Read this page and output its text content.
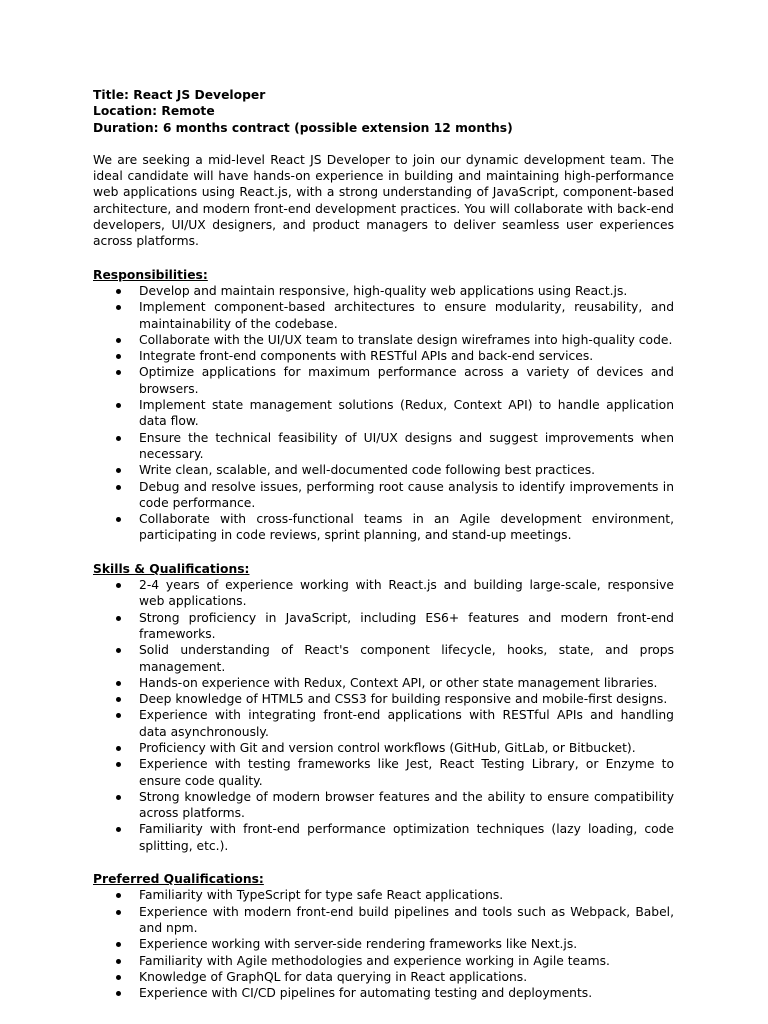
Title: React JS Developer

Location: Remote

Duration: 6 months contract (possible extension 12 months)

We are seeking a mid-level React JS Developer to join our dynamic development team. The ideal candidate will have hands-on experience in building and maintaining high-performance web applications using React.js, with a strong understanding of JavaScript, component-based architecture, and modern front-end development practices. You will collaborate with back-end developers, UI/UX designers, and product managers to deliver seamless user experiences across platforms.

Responsibilities:
Develop and maintain responsive, high-quality web applications using React.js.
Implement component-based architectures to ensure modularity, reusability, and maintainability of the codebase.
Collaborate with the UI/UX team to translate design wireframes into high-quality code.
Integrate front-end components with RESTful APIs and back-end services.
Optimize applications for maximum performance across a variety of devices and browsers.
Implement state management solutions (Redux, Context API) to handle application data flow.
Ensure the technical feasibility of UI/UX designs and suggest improvements when necessary.
Write clean, scalable, and well-documented code following best practices.
Debug and resolve issues, performing root cause analysis to identify improvements in code performance.
Collaborate with cross-functional teams in an Agile development environment, participating in code reviews, sprint planning, and stand-up meetings.
Skills & Qualifications:
2-4 years of experience working with React.js and building large-scale, responsive web applications.
Strong proficiency in JavaScript, including ES6+ features and modern front-end frameworks.
Solid understanding of React's component lifecycle, hooks, state, and props management.
Hands-on experience with Redux, Context API, or other state management libraries.
Deep knowledge of HTML5 and CSS3 for building responsive and mobile-first designs.
Experience with integrating front-end applications with RESTful APIs and handling data asynchronously.
Proficiency with Git and version control workflows (GitHub, GitLab, or Bitbucket).
Experience with testing frameworks like Jest, React Testing Library, or Enzyme to ensure code quality.
Strong knowledge of modern browser features and the ability to ensure compatibility across platforms.
Familiarity with front-end performance optimization techniques (lazy loading, code splitting, etc.).
Preferred Qualifications:
Familiarity with TypeScript for type safe React applications.
Experience with modern front-end build pipelines and tools such as Webpack, Babel, and npm.
Experience working with server-side rendering frameworks like Next.js.
Familiarity with Agile methodologies and experience working in Agile teams.
Knowledge of GraphQL for data querying in React applications.
Experience with CI/CD pipelines for automating testing and deployments.
